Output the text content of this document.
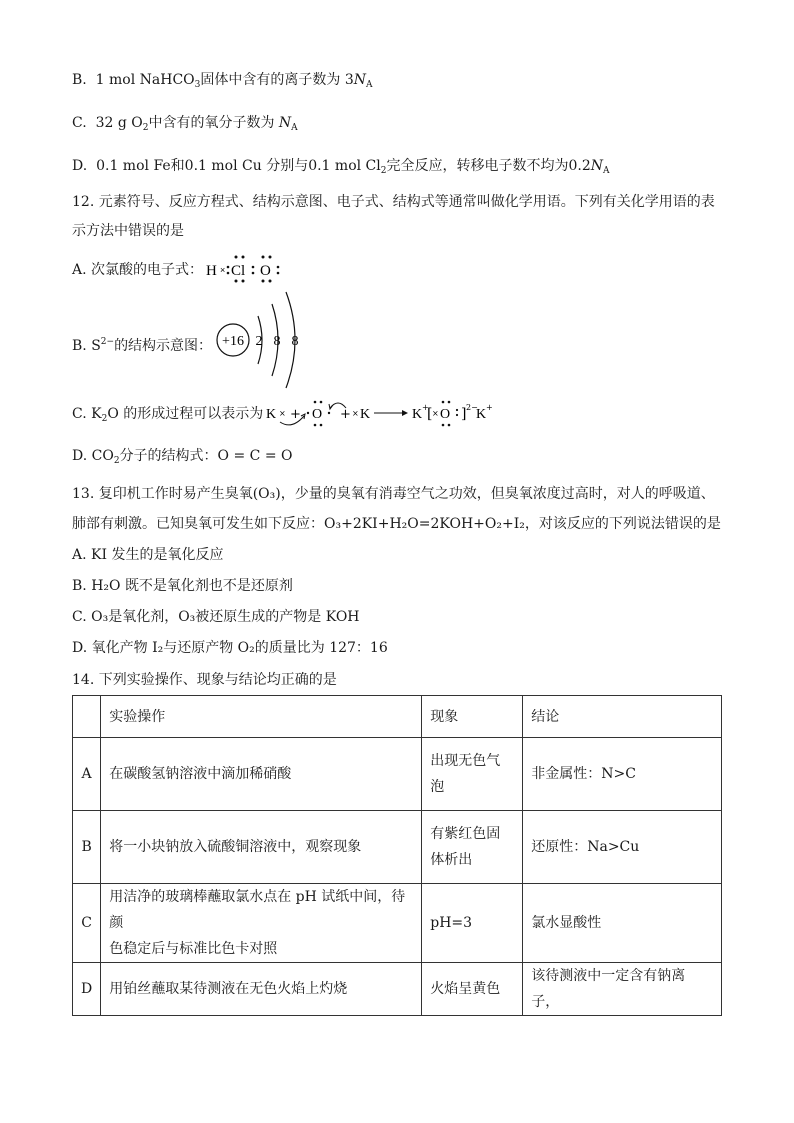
B. 1 mol NaHCO$_3$固体中含有的离子数为 $3N_A$
C. 32 g $O_2$中含有的氧分子数为 $N_A$
D. 0.1 mol Fe和0.1 mol Cu 分别与0.1 mol $Cl_2$完全反应，转移电子数不均为$0.2N_A$
12. 元素符号、反应方程式、结构示意图、电子式、结构式等通常叫做化学用语。下列有关化学用语的表
示方法中错误的是
A. 次氯酸的电子式： H × Cl O
B. $S^{2-}$的结构示意图： +16 2 8 8
C. $K_2O$ 的形成过程可以表示为 K × + O + × K	K +
[ × O ] 2−
K +
D. $CO_2$分子的结构式：O = C = O
13. 复印机工作时易产生臭氧(O₃)，少量的臭氧有消毒空气之功效，但臭氧浓度过高时，对人的呼吸道、
肺部有刺激。已知臭氧可发生如下反应：O₃+2KI+H₂O=2KOH+O₂+I₂，对该反应的下列说法错误的是
A. KI 发生的是氧化反应
B. H₂O 既不是氧化剂也不是还原剂
C. O₃是氧化剂，O₃被还原生成的产物是 KOH
D. 氧化产物 I₂与还原产物 O₂的质量比为 127：16
14. 下列实验操作、现象与结论均正确的是
	实验操作	现象	结论
A	在碳酸氢钠溶液中滴加稀硝酸	出现无色气
泡	非金属性：N>C
B	将一小块钠放入硫酸铜溶液中，观察现象	有紫红色固
体析出	还原性：Na>Cu
C	用洁净的玻璃棒蘸取氯水点在 pH 试纸中间，待颜
色稳定后与标准比色卡对照	pH=3	氯水显酸性
D	用铂丝蘸取某待测液在无色火焰上灼烧	火焰呈黄色	该待测液中一定含有钠离子，
